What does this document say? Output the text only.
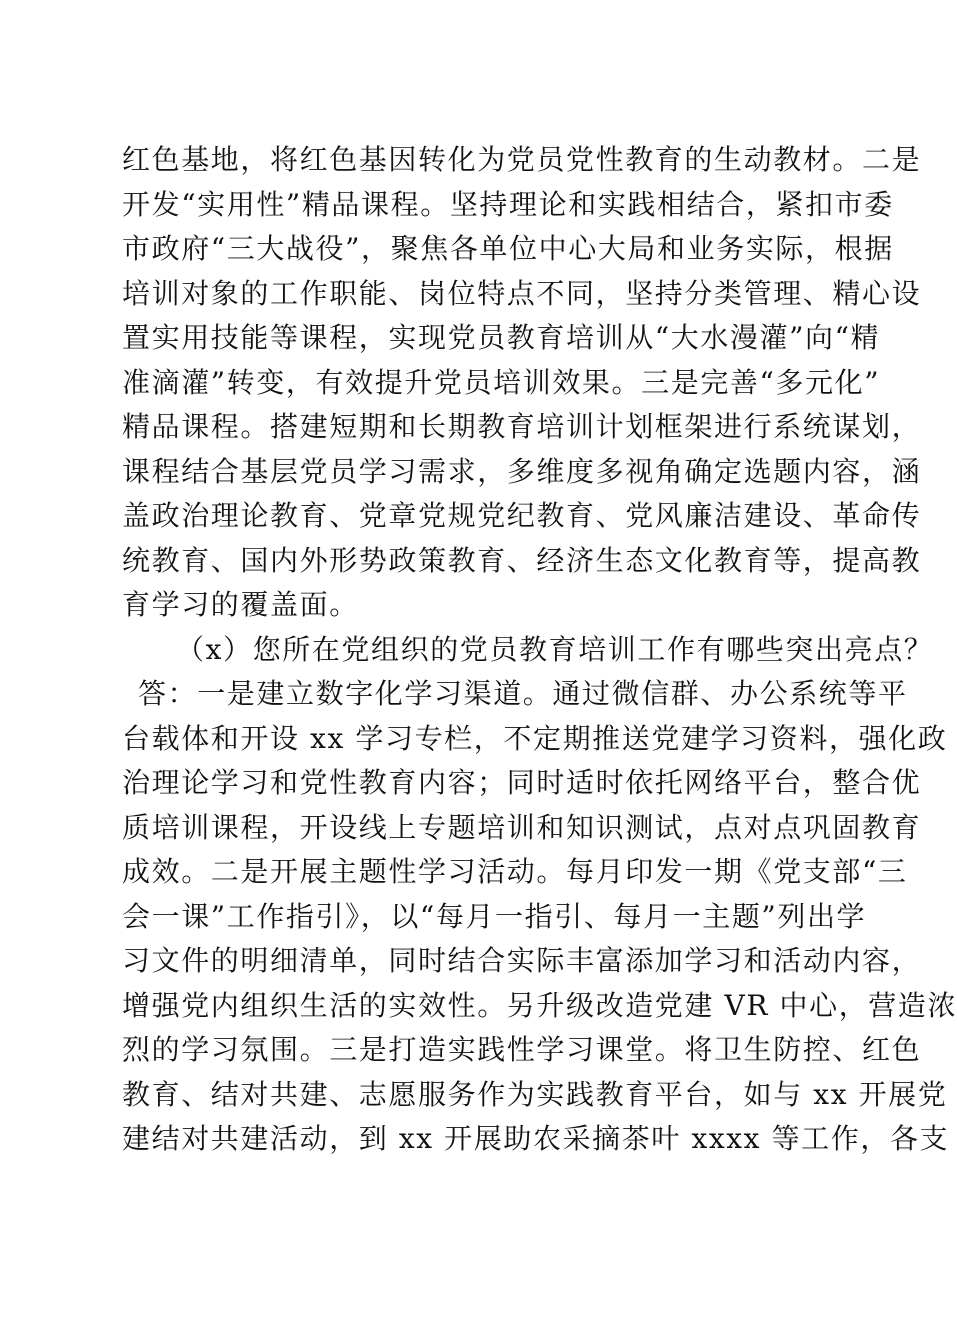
红色基地，将红色基因转化为党员党性教育的生动教材。二是
开发“实用性”精品课程。坚持理论和实践相结合，紧扣市委
市政府“三大战役”，聚焦各单位中心大局和业务实际，根据
培训对象的工作职能、岗位特点不同，坚持分类管理、精心设
置实用技能等课程，实现党员教育培训从“大水漫灌”向“精
准滴灌”转变，有效提升党员培训效果。三是完善“多元化”
精品课程。搭建短期和长期教育培训计划框架进行系统谋划，
课程结合基层党员学习需求，多维度多视角确定选题内容，涵
盖政治理论教育、党章党规党纪教育、党风廉洁建设、革命传
统教育、国内外形势政策教育、经济生态文化教育等，提高教
育学习的覆盖面。
（x）您所在党组织的党员教育培训工作有哪些突出亮点？
答：一是建立数字化学习渠道。通过微信群、办公系统等平
台载体和开设 xx 学习专栏，不定期推送党建学习资料，强化政
治理论学习和党性教育内容；同时适时依托网络平台，整合优
质培训课程，开设线上专题培训和知识测试，点对点巩固教育
成效。二是开展主题性学习活动。每月印发一期《党支部“三
会一课”工作指引》，以“每月一指引、每月一主题”列出学
习文件的明细清单，同时结合实际丰富添加学习和活动内容，
增强党内组织生活的实效性。另升级改造党建 VR 中心，营造浓
烈的学习氛围。三是打造实践性学习课堂。将卫生防控、红色
教育、结对共建、志愿服务作为实践教育平台，如与 xx 开展党
建结对共建活动，到 xx 开展助农采摘茶叶 xxxx 等工作，各支
